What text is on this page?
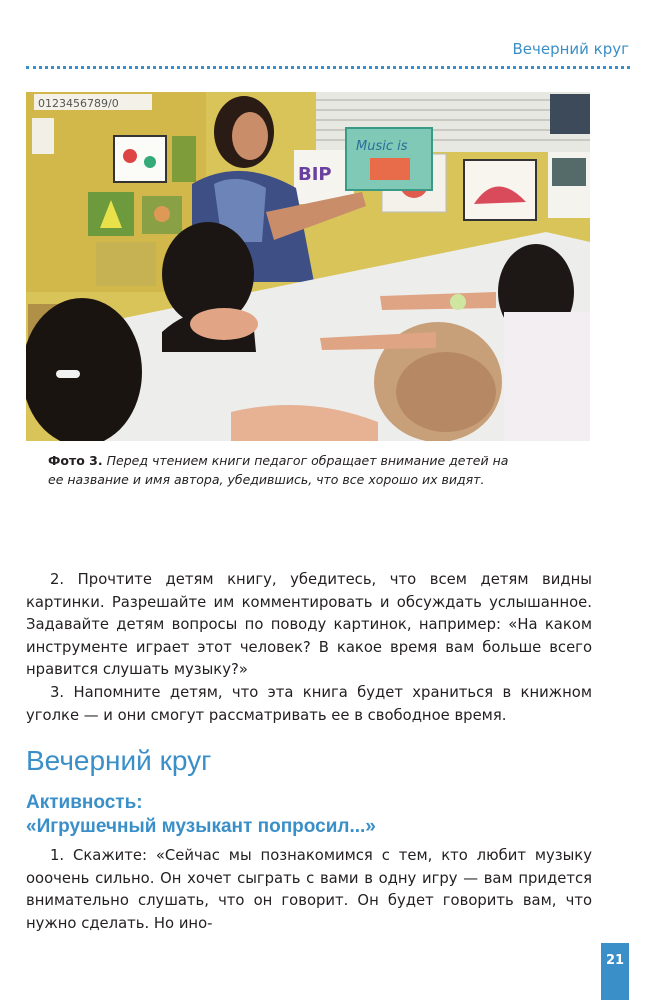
Вечерний круг
0123456789/0
BIP
Music is
Фото 3. Перед чтением книги педагог обращает внимание детей на ее название и имя автора, убедившись, что все хорошо их видят.

2. Прочтите детям книгу, убедитесь, что всем детям видны картинки. Разрешайте им комментировать и обсуждать услышанное. Задавайте детям вопросы по поводу картинок, например: «На каком инструменте играет этот человек? В какое время вам больше всего нравится слушать музыку?»

3. Напомните детям, что эта книга будет храниться в книжном уголке — и они смогут рассматривать ее в свободное время.

Вечерний круг
Активность:
«Игрушечный музыкант попросил...»

1. Скажите: «Сейчас мы познакомимся с тем, кто любит музыку ооочень сильно. Он хочет сыграть с вами в одну игру — вам придется внимательно слушать, что он говорит. Он будет говорить вам, что нужно сделать. Но ино-

21
